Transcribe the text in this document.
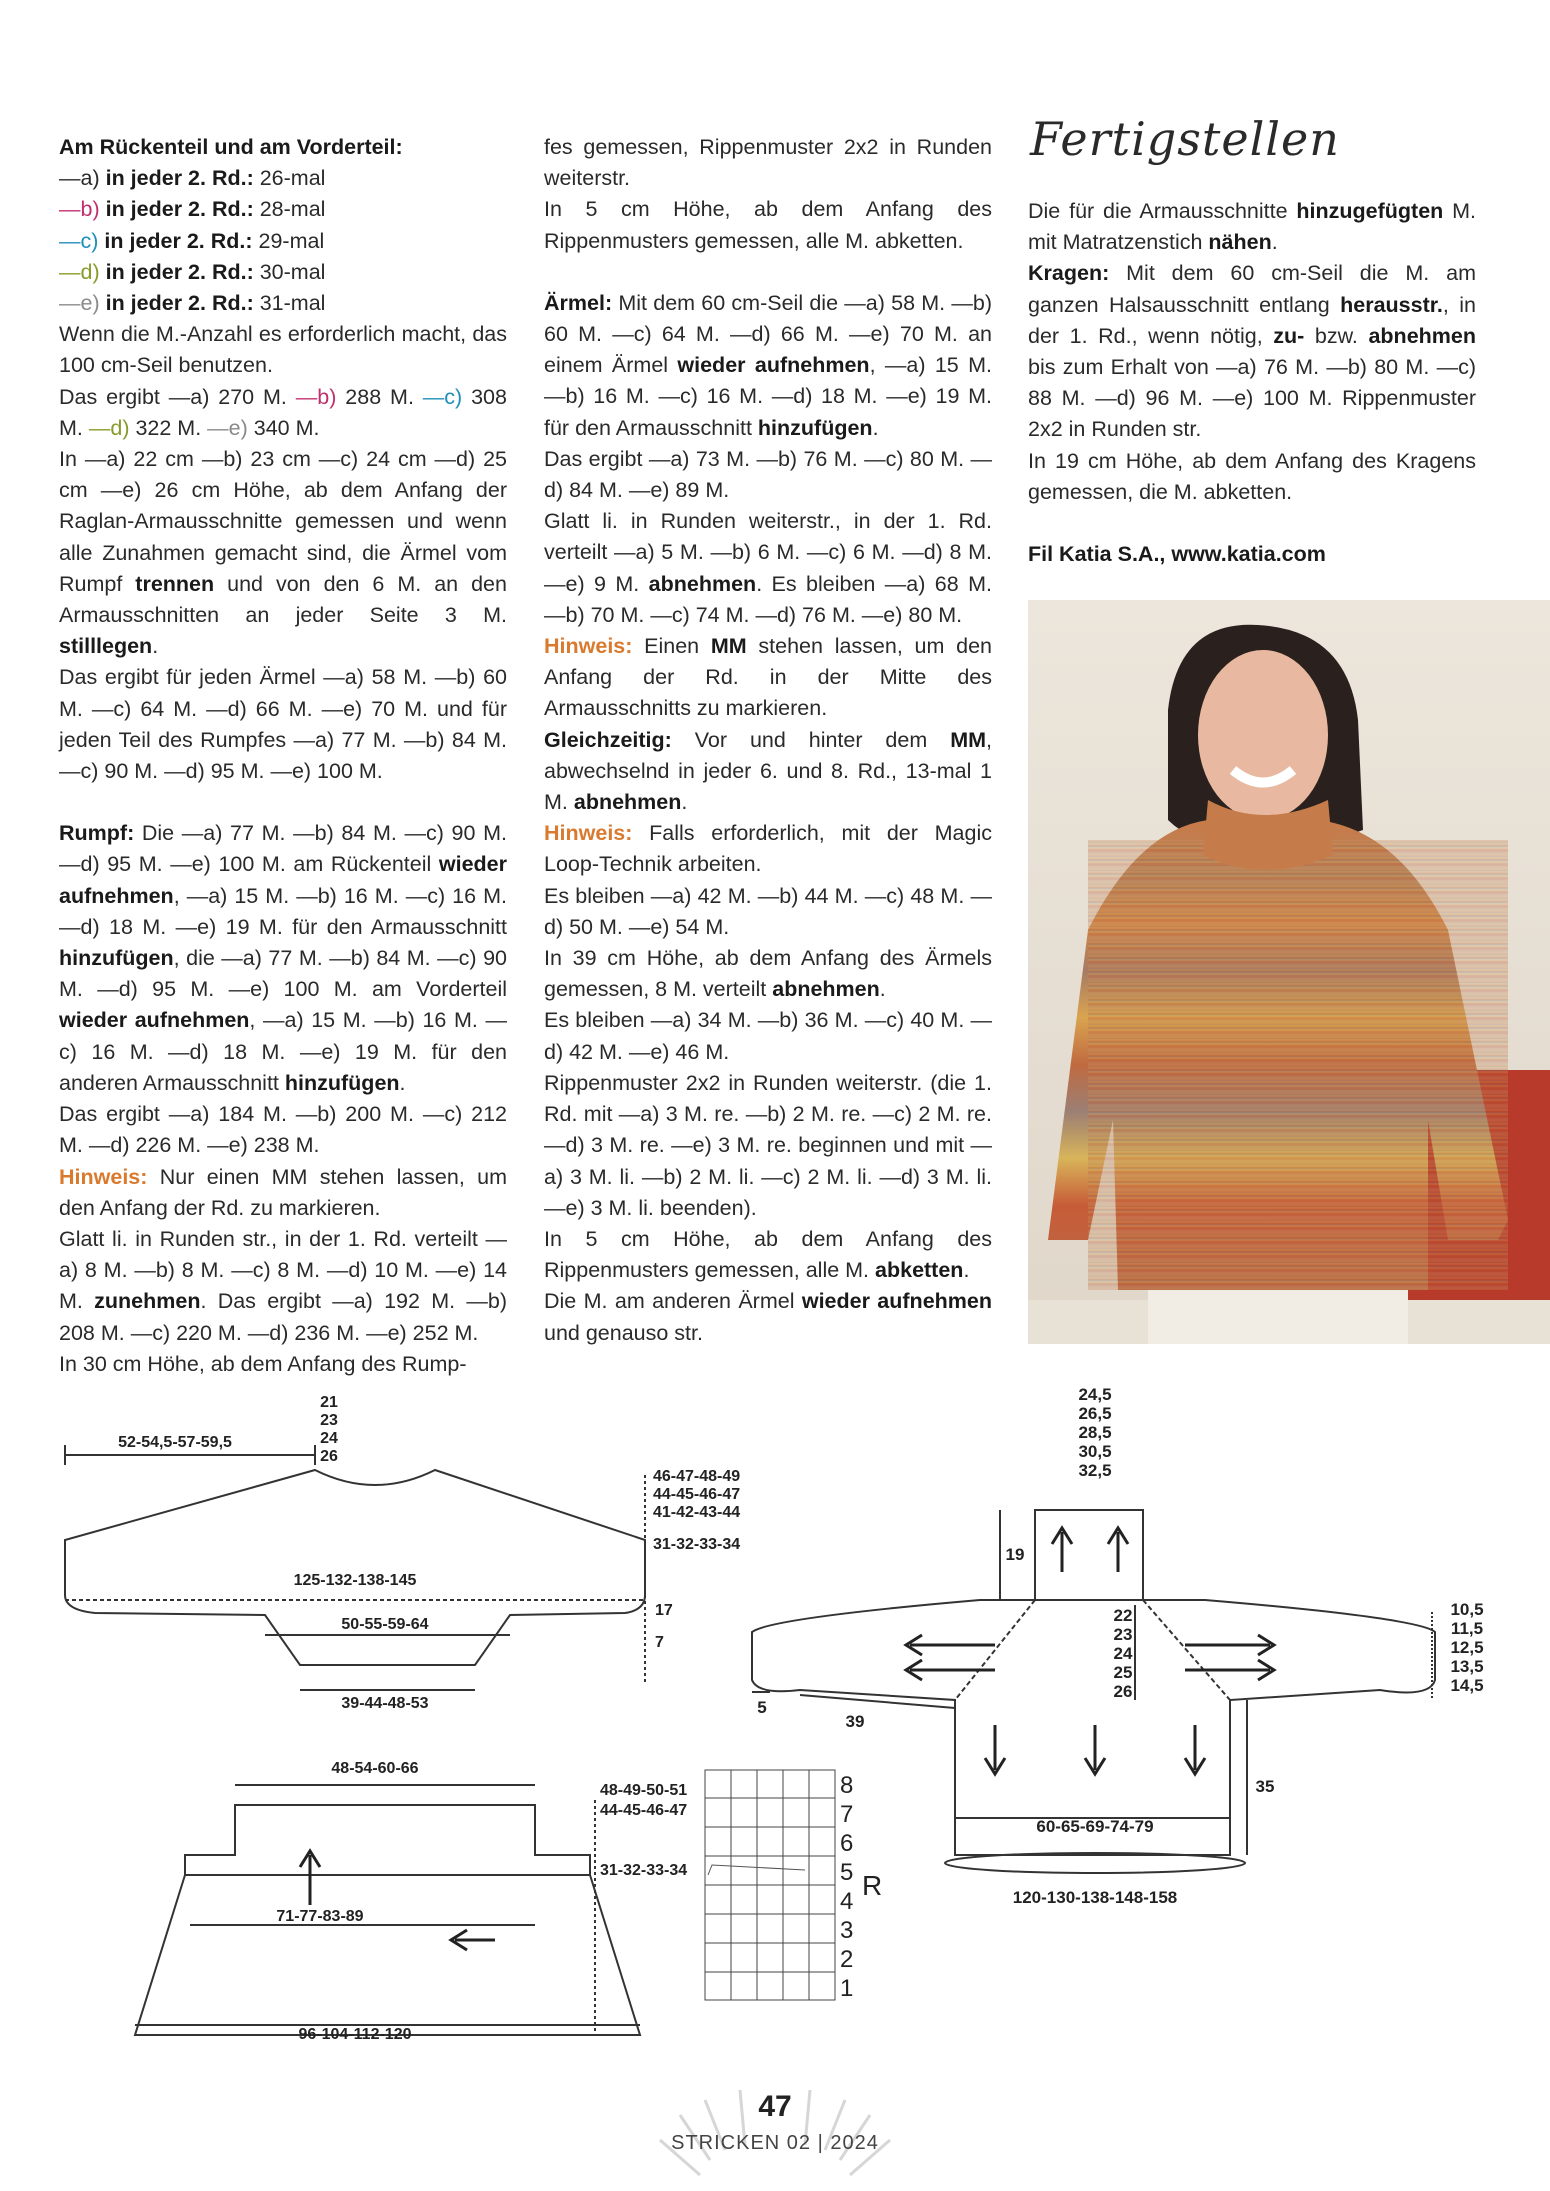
Am Rückenteil und am Vorderteil:

—a) in jeder 2. Rd.: 26-mal

—b) in jeder 2. Rd.: 28-mal

—c) in jeder 2. Rd.: 29-mal

—d) in jeder 2. Rd.: 30-mal

—e) in jeder 2. Rd.: 31-mal

Wenn die M.-Anzahl es erforderlich macht, das 100 cm-Seil benutzen.

Das ergibt —a) 270 M. —b) 288 M. —c) 308 M. —d) 322 M. —e) 340 M.

In —a) 22 cm —b) 23 cm —c) 24 cm —d) 25 cm —e) 26 cm Höhe, ab dem Anfang der Raglan-Armausschnitte gemessen und wenn alle Zunahmen gemacht sind, die Ärmel vom Rumpf trennen und von den 6 M. an den Armausschnitten an jeder Seite 3 M. stilllegen.

Das ergibt für jeden Ärmel —a) 58 M. —b) 60 M. —c) 64 M. —d) 66 M. —e) 70 M. und für jeden Teil des Rumpfes —a) 77 M. —b) 84 M. —c) 90 M. —d) 95 M. —e) 100 M.

Rumpf: Die —a) 77 M. —b) 84 M. —c) 90 M. —d) 95 M. —e) 100 M. am Rückenteil wieder aufnehmen, —a) 15 M. —b) 16 M. —c) 16 M. —d) 18 M. —e) 19 M. für den Armausschnitt hinzufügen, die —a) 77 M. —b) 84 M. —c) 90 M. —d) 95 M. —e) 100 M. am Vorderteil wieder aufnehmen, —a) 15 M. —b) 16 M. —c) 16 M. —d) 18 M. —e) 19 M. für den anderen Armausschnitt hinzufügen.

Das ergibt —a) 184 M. —b) 200 M. —c) 212 M. —d) 226 M. —e) 238 M.

Hinweis: Nur einen MM stehen lassen, um den Anfang der Rd. zu markieren.

Glatt li. in Runden str., in der 1. Rd. verteilt —a) 8 M. —b) 8 M. —c) 8 M. —d) 10 M. —e) 14 M. zunehmen. Das ergibt —a) 192 M. —b) 208 M. —c) 220 M. —d) 236 M. —e) 252 M.

In 30 cm Höhe, ab dem Anfang des Rump-

fes gemessen, Rippenmuster 2x2 in Runden weiterstr.

In 5 cm Höhe, ab dem Anfang des Rippenmusters gemessen, alle M. abketten.

Ärmel: Mit dem 60 cm-Seil die —a) 58 M. —b) 60 M. —c) 64 M. —d) 66 M. —e) 70 M. an einem Ärmel wieder aufnehmen, —a) 15 M. —b) 16 M. —c) 16 M. —d) 18 M. —e) 19 M. für den Armausschnitt hinzufügen.

Das ergibt —a) 73 M. —b) 76 M. —c) 80 M. —d) 84 M. —e) 89 M.

Glatt li. in Runden weiterstr., in der 1. Rd. verteilt —a) 5 M. —b) 6 M. —c) 6 M. —d) 8 M. —e) 9 M. abnehmen. Es bleiben —a) 68 M. —b) 70 M. —c) 74 M. —d) 76 M. —e) 80 M.

Hinweis: Einen MM stehen lassen, um den Anfang der Rd. in der Mitte des Armausschnitts zu markieren.

Gleichzeitig: Vor und hinter dem MM, abwechselnd in jeder 6. und 8. Rd., 13-mal 1 M. abnehmen.

Hinweis: Falls erforderlich, mit der Magic Loop-Technik arbeiten.

Es bleiben —a) 42 M. —b) 44 M. —c) 48 M. —d) 50 M. —e) 54 M.

In 39 cm Höhe, ab dem Anfang des Ärmels gemessen, 8 M. verteilt abnehmen.

Es bleiben —a) 34 M. —b) 36 M. —c) 40 M. —d) 42 M. —e) 46 M.

Rippenmuster 2x2 in Runden weiterstr. (die 1. Rd. mit —a) 3 M. re. —b) 2 M. re. —c) 2 M. re. —d) 3 M. re. —e) 3 M. re. beginnen und mit —a) 3 M. li. —b) 2 M. li. —c) 2 M. li. —d) 3 M. li. —e) 3 M. li. beenden).

In 5 cm Höhe, ab dem Anfang des Rippenmusters gemessen, alle M. abketten.

Die M. am anderen Ärmel wieder aufnehmen und genauso str.

Fertigstellen

Die für die Armausschnitte hinzugefügten M. mit Matratzenstich nähen.

Kragen: Mit dem 60 cm-Seil die M. am ganzen Halsausschnitt entlang herausstr., in der 1. Rd., wenn nötig, zu- bzw. abnehmen bis zum Erhalt von —a) 76 M. —b) 80 M. —c) 88 M. —d) 96 M. —e) 100 M. Rippenmuster 2x2 in Runden str.

In 19 cm Höhe, ab dem Anfang des Kragens gemessen, die M. abketten.

Fil Katia S.A., www.katia.com

21
23
24
26
52-54,5-57-59,5
46-47-48-49
44-45-46-47
41-42-43-44
31-32-33-34
125-132-138-145
17
50-55-59-64
7
39-44-48-53
48-54-60-66
48-49-50-51
44-45-46-47
31-32-33-34
71-77-83-89
96-104-112-120
8
7
6
5
4
3
2
1
R
24,5
26,5
28,5
30,5
32,5
19
22
23
24
25
26
10,5
11,5
12,5
13,5
14,5
5
39
35
60-65-69-74-79
120-130-138-148-158
47
STRICKEN 02 | 2024
